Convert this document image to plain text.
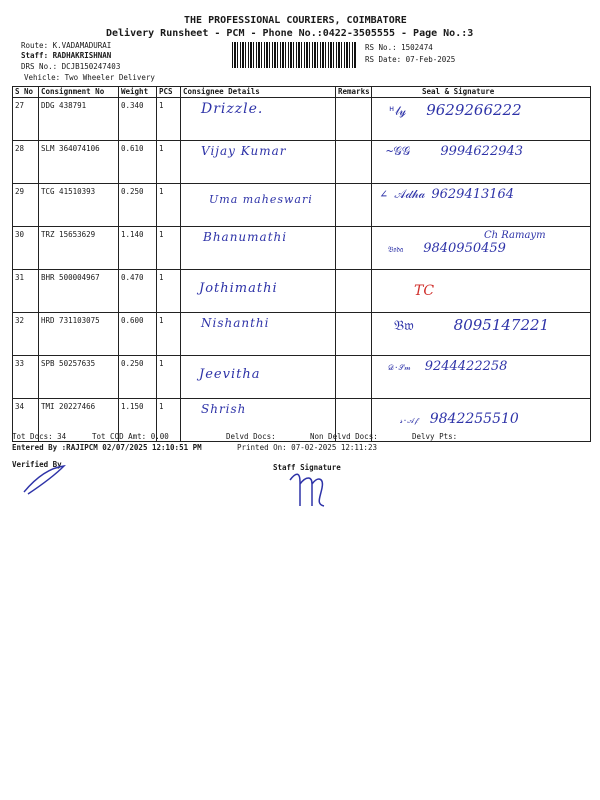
THE PROFESSIONAL COURIERS, COIMBATORE
Delivery Runsheet - PCM - Phone No.:0422-3505555 - Page No.:3
Route: K.VADAMADURAI
Staff: RADHAKRISHNAN
DRS No.: DCJB150247403
Vehicle: Two Wheeler Delivery
RS No.: 1502474
RS Date: 07-Feb-2025
S No	Consignment No	Weight	PCS	Consignee Details	Remarks	Seal & Signature
27	DDG 438791	0.340	1	Drizzle.		ᴴ𝓁𝓎 9629266222
28	SLM 364074106	0.610	1	Vijay Kumar		~𝒢𝒢 9994622943
29	TCG 41510393	0.250	1	Uma maheswari		∠ 𝒜𝒹𝒽𝒶 9629413164
30	TRZ 15653629	1.140	1	Bhanumathi		Ch Ramaym
𝔅𝔬𝔡𝔞 9840950459
31	BHR 500004967	0.470	1	Jothimathi		TC
32	HRD 731103075	0.600	1	Nishanthi		𝔅𝔴 8095147221
33	SPB 50257635	0.250	1	Jeevitha		𝒟·𝒮𝓂 9244422258
34	TMI 20227466	1.150	1	Shrish		𝓈·𝒜𝒻 9842255510
Tot Docs: 34	Tot COD Amt: 0.00	Delvd Docs:	Non Delvd Docs:	Delvy Pts:
Entered By :RAJIPCM 02/07/2025 12:10:51 PM	Printed On: 07-02-2025 12:11:23
Verified By	Staff Signature
